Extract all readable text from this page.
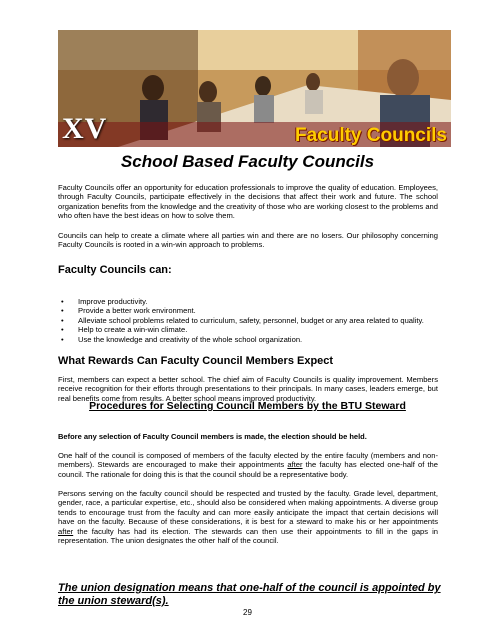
XV	Faculty Councils
School Based Faculty Councils

Faculty Councils offer an opportunity for education professionals to improve the quality of education. Employees, through Faculty Councils, participate effectively in the decisions that affect their work and future. The school organization benefits from the knowledge and the creativity of those who are working closest to the problems and who often have the best ideas on how to solve them.

Councils can help to create a climate where all parties win and there are no losers. Our philosophy concerning Faculty Councils is rooted in a win-win approach to problems.

Faculty Councils can:
• Improve productivity.
• Provide a better work environment.
• Alleviate school problems related to curriculum, safety, personnel, budget or any area related to quality.
• Help to create a win-win climate.
• Use the knowledge and creativity of the whole school organization.
What Rewards Can Faculty Council Members Expect

First, members can expect a better school. The chief aim of Faculty Councils is quality improvement. Members receive recognition for their efforts through presentations to their principals. In many cases, leaders emerge, but real benefits come from results. A better school means improved productivity.

Procedures for Selecting Council Members by the BTU Steward
Before any selection of Faculty Council members is made, the election should be held.

One half of the council is composed of members of the faculty elected by the entire faculty (members and non-members). Stewards are encouraged to make their appointments after the faculty has elected one-half of the council. The rationale for doing this is that the council should be a representative body.

Persons serving on the faculty council should be respected and trusted by the faculty. Grade level, department, gender, race, a particular expertise, etc., should also be considered when making appointments. A diverse group tends to encourage trust from the faculty and can more easily anticipate the impact that certain decisions will have on the faculty. Because of these considerations, it is best for a steward to make his or her appointments after the faculty has had its election. The stewards can then use their appointments to fill in the gaps in representation. The union designates the other half of the council.

The union designation means that one-half of the council is appointed by the union steward(s).
29
